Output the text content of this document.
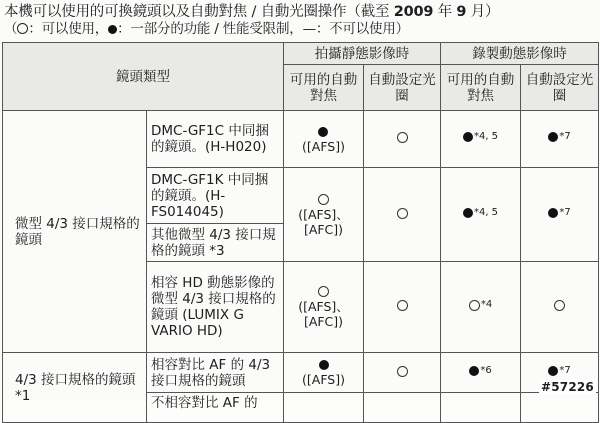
本機可以使用的可換鏡頭以及自動對焦 / 自動光圈操作（截至 2009 年 9 月）
（ ：可以使用， ：一部分的功能 / 性能受限制，—：不可以使用）
鏡頭類型		拍攝靜態影像時		錄製動態影像時	
		可用的自動對焦	自動設定光圈	可用的自動對焦	自動設定光圈
微型 4/3 接口規格的鏡頭	DMC-GF1C 中同捆的鏡頭。(H-H020)	([AFS])		*4, 5	*7

	DMC-GF1K 中同捆的鏡頭。(H-FS014045)	([AFS]、[AFC])		*4, 5	*7

	其他微型 4/3 接口規格的鏡頭 *3				
	相容 HD 動態影像的微型 4/3 接口規格的鏡頭 (LUMIX G VARIO HD)	([AFS]、[AFC])		*4	

4/3 接口規格的鏡頭 *1	相容對比 AF 的 4/3 接口規格的鏡頭	([AFS])		*6	*7

	不相容對比 AF 的				
#57226
